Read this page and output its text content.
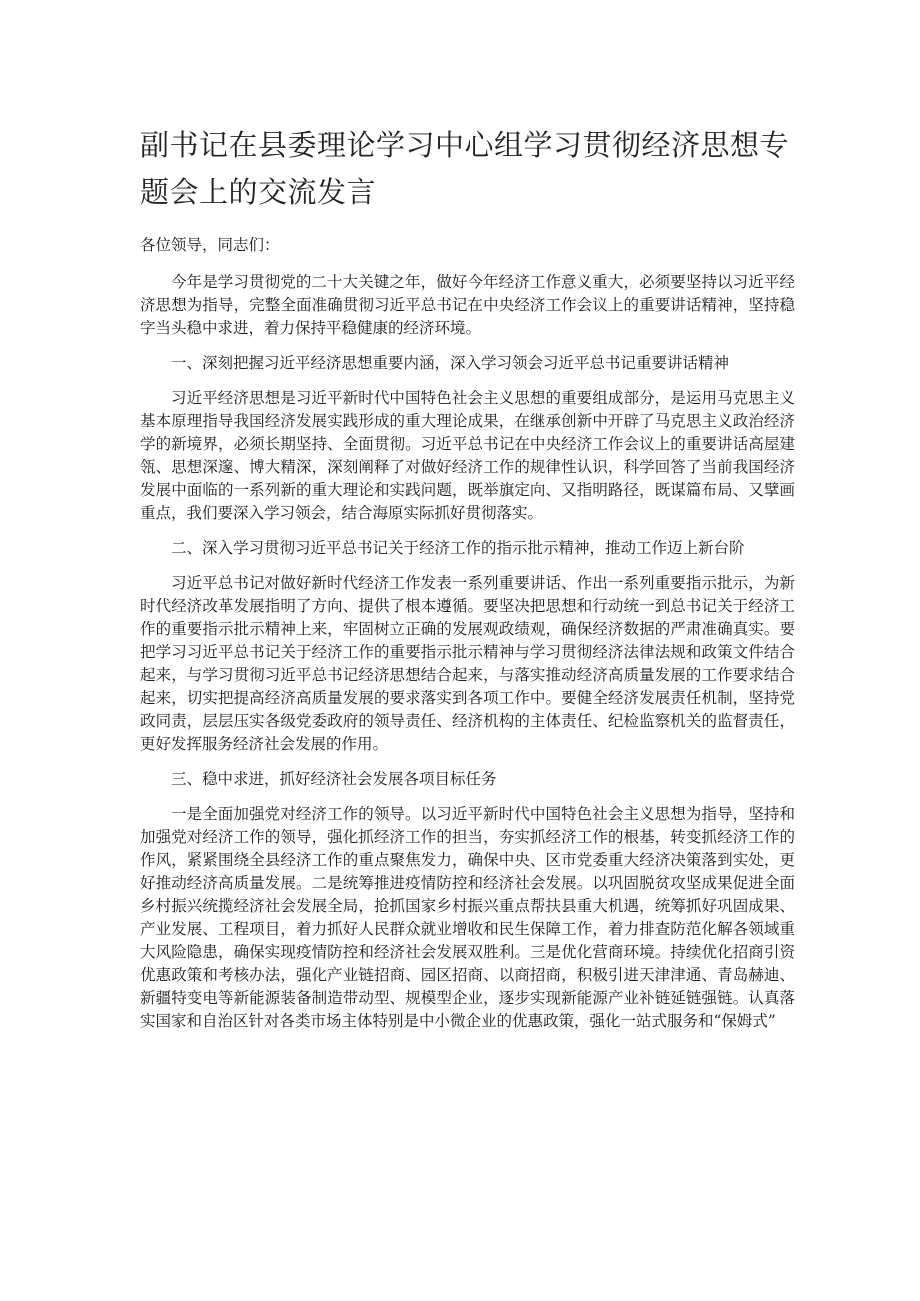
副书记在县委理论学习中心组学习贯彻经济思想专题会上的交流发言

各位领导，同志们：

今年是学习贯彻党的二十大关键之年，做好今年经济工作意义重大，必须要坚持以习近平经济思想为指导，完整全面准确贯彻习近平总书记在中央经济工作会议上的重要讲话精神，坚持稳字当头稳中求进，着力保持平稳健康的经济环境。

一、深刻把握习近平经济思想重要内涵，深入学习领会习近平总书记重要讲话精神

习近平经济思想是习近平新时代中国特色社会主义思想的重要组成部分，是运用马克思主义基本原理指导我国经济发展实践形成的重大理论成果，在继承创新中开辟了马克思主义政治经济学的新境界，必须长期坚持、全面贯彻。习近平总书记在中央经济工作会议上的重要讲话高屋建瓴、思想深邃、博大精深，深刻阐释了对做好经济工作的规律性认识，科学回答了当前我国经济发展中面临的一系列新的重大理论和实践问题，既举旗定向、又指明路径，既谋篇布局、又擘画重点，我们要深入学习领会，结合海原实际抓好贯彻落实。

二、深入学习贯彻习近平总书记关于经济工作的指示批示精神，推动工作迈上新台阶

习近平总书记对做好新时代经济工作发表一系列重要讲话、作出一系列重要指示批示，为新时代经济改革发展指明了方向、提供了根本遵循。要坚决把思想和行动统一到总书记关于经济工作的重要指示批示精神上来，牢固树立正确的发展观政绩观，确保经济数据的严肃准确真实。要把学习习近平总书记关于经济工作的重要指示批示精神与学习贯彻经济法律法规和政策文件结合起来，与学习贯彻习近平总书记经济思想结合起来，与落实推动经济高质量发展的工作要求结合起来，切实把提高经济高质量发展的要求落实到各项工作中。要健全经济发展责任机制，坚持党政同责，层层压实各级党委政府的领导责任、经济机构的主体责任、纪检监察机关的监督责任，更好发挥服务经济社会发展的作用。

三、稳中求进，抓好经济社会发展各项目标任务

一是全面加强党对经济工作的领导。以习近平新时代中国特色社会主义思想为指导，坚持和加强党对经济工作的领导，强化抓经济工作的担当，夯实抓经济工作的根基，转变抓经济工作的作风，紧紧围绕全县经济工作的重点聚焦发力，确保中央、区市党委重大经济决策落到实处，更好推动经济高质量发展。二是统筹推进疫情防控和经济社会发展。以巩固脱贫攻坚成果促进全面乡村振兴统揽经济社会发展全局，抢抓国家乡村振兴重点帮扶县重大机遇，统筹抓好巩固成果、产业发展、工程项目，着力抓好人民群众就业增收和民生保障工作，着力排查防范化解各领域重大风险隐患，确保实现疫情防控和经济社会发展双胜利。三是优化营商环境。持续优化招商引资优惠政策和考核办法，强化产业链招商、园区招商、以商招商，积极引进天津津通、青岛赫迪、新疆特变电等新能源装备制造带动型、规模型企业，逐步实现新能源产业补链延链强链。认真落实国家和自治区针对各类市场主体特别是中小微企业的优惠政策，强化一站式服务和“保姆式”
